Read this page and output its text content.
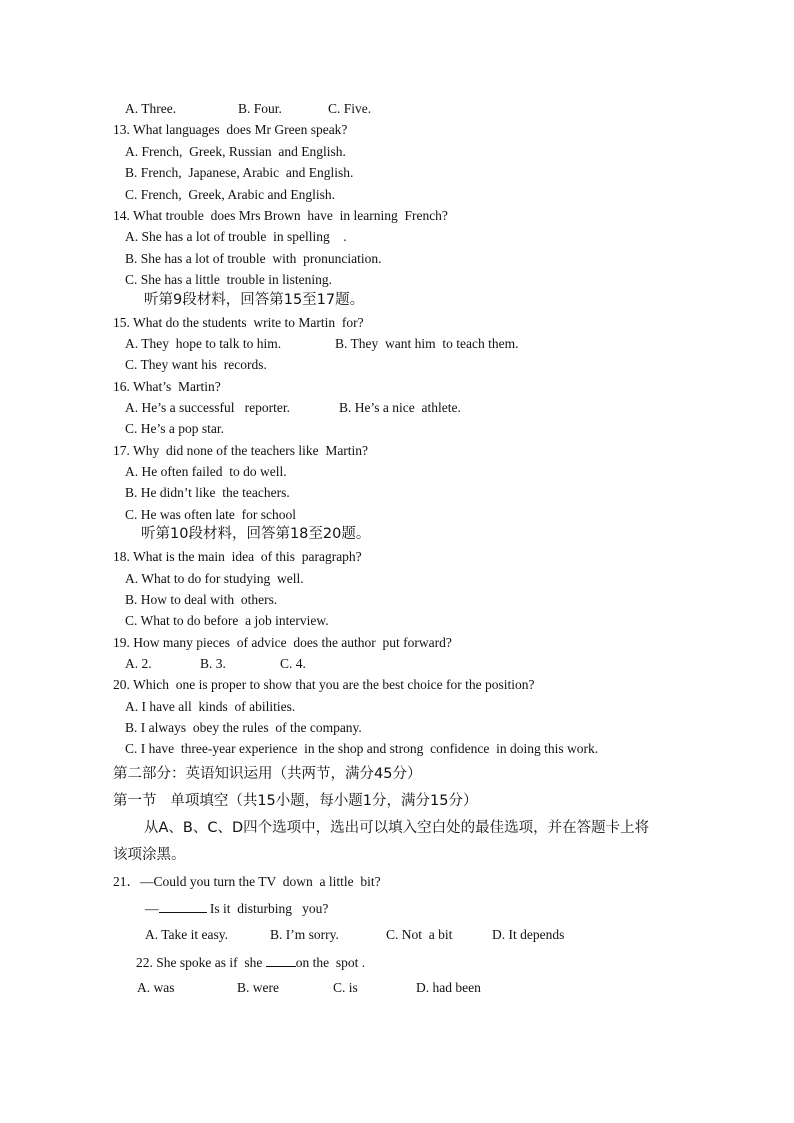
A. Three.	B. Four.	C. Five.
13. What languages  does Mr Green speak?
A. French,  Greek, Russian  and English.
B. French,  Japanese, Arabic  and English.
C. French,  Greek, Arabic and English.
14. What trouble  does Mrs Brown  have  in learning  French?
A. She has a lot of trouble  in spelling    .
B. She has a lot of trouble  with  pronunciation.
C. She has a little  trouble in listening.
听第9段材料，回答第15至17题。
15. What do the students  write to Martin  for?
A. They  hope to talk to him.	B. They  want him  to teach them.
C. They want his  records.
16. What’s  Martin?
A. He’s a successful   reporter.	B. He’s a nice  athlete.
C. He’s a pop star.
17. Why  did none of the teachers like  Martin?
A. He often failed  to do well.
B. He didn’t like  the teachers.
C. He was often late  for school
听第10段材料，回答第18至20题。
18. What is the main  idea  of this  paragraph?
A. What to do for studying  well.
B. How to deal with  others.
C. What to do before  a job interview.
19. How many pieces  of advice  does the author  put forward?
A. 2.	B. 3.	C. 4.
20. Which  one is proper to show that you are the best choice for the position?
A. I have all  kinds  of abilities.
B. I always  obey the rules  of the company.
C. I have  three-year experience  in the shop and strong  confidence  in doing this work.
第二部分：英语知识运用（共两节，满分45分）
第一节   单项填空（共15小题，每小题1分，满分15分）
从A、B、C、D四个选项中，选出可以填入空白处的最佳选项，并在答题卡上将
该项涂黑。
21．—Could you turn the TV  down  a little  bit?
—	Is it  disturbing   you?
A. Take it easy.	B. I’m sorry.	C. Not  a bit	D. It depends
22. She spoke as if  she on the  spot .
A. was	B. were	C. is	D. had been
